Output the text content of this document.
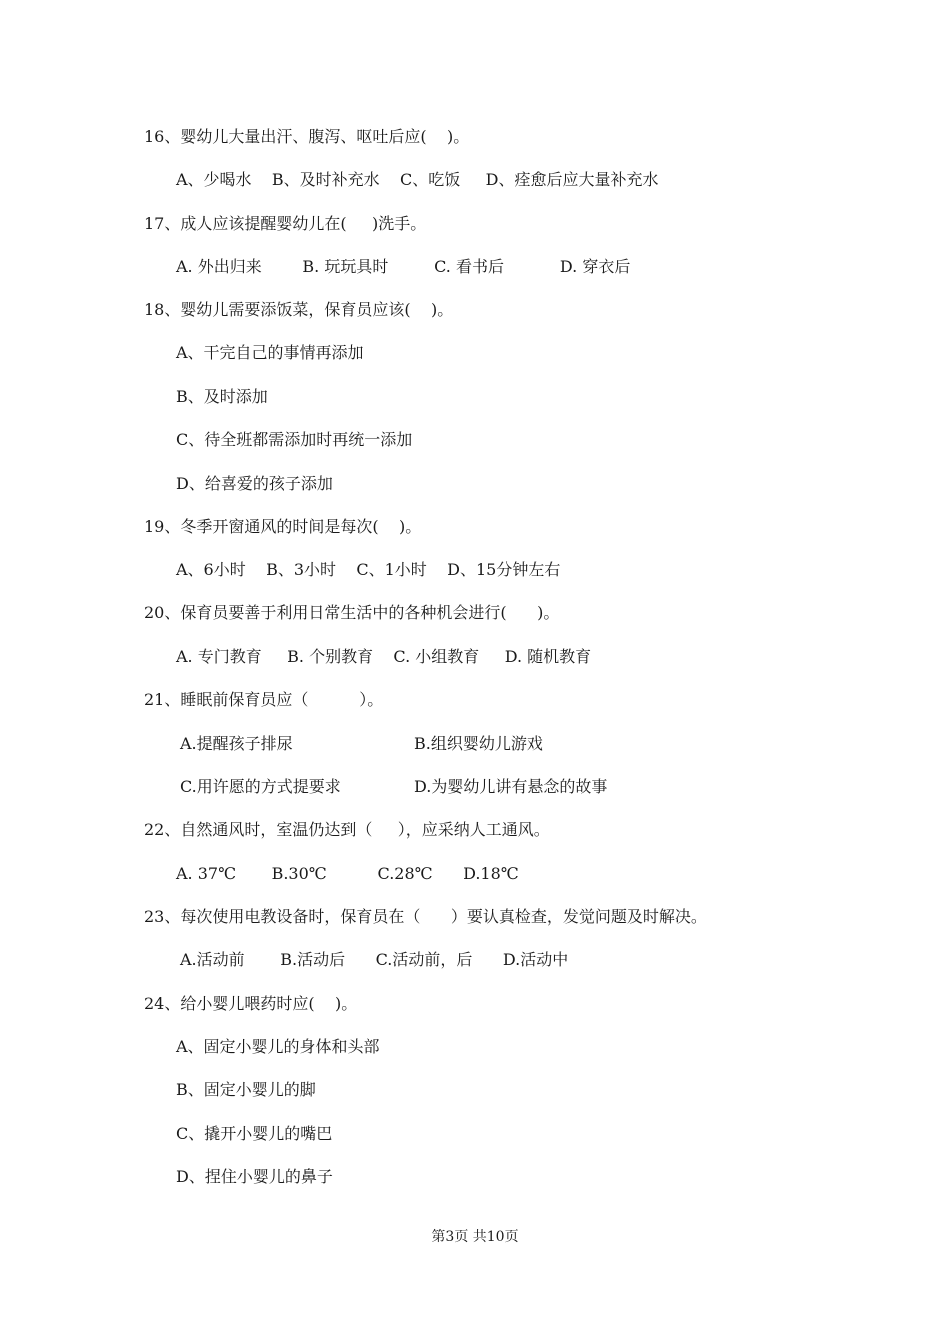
16、婴幼儿大量出汗、腹泻、呕吐后应(    )。
A、少喝水    B、及时补充水    C、吃饭     D、痊愈后应大量补充水
17、成人应该提醒婴幼儿在(     )洗手。
A. 外出归来        B. 玩玩具时         C. 看书后           D. 穿衣后
18、婴幼儿需要添饭菜，保育员应该(    )。
A、干完自己的事情再添加
B、及时添加
C、待全班都需添加时再统一添加
D、给喜爱的孩子添加
19、冬季开窗通风的时间是每次(    )。
A、6小时    B、3小时    C、1小时    D、15分钟左右
20、保育员要善于利用日常生活中的各种机会进行(      )。
A. 专门教育     B. 个别教育    C. 小组教育     D. 随机教育
21、睡眠前保育员应（          ）。
A.提醒孩子排尿	B.组织婴幼儿游戏
C.用许愿的方式提要求	D.为婴幼儿讲有悬念的故事
22、自然通风时，室温仍达到（     ），应采纳人工通风。
A. 37℃       B.30℃          C.28℃      D.18℃
23、每次使用电教设备时，保育员在（      ）要认真检查，发觉问题及时解决。
A.活动前       B.活动后      C.活动前，后      D.活动中
24、给小婴儿喂药时应(    )。
A、固定小婴儿的身体和头部
B、固定小婴儿的脚
C、撬开小婴儿的嘴巴
D、捏住小婴儿的鼻子
第3页 共10页
